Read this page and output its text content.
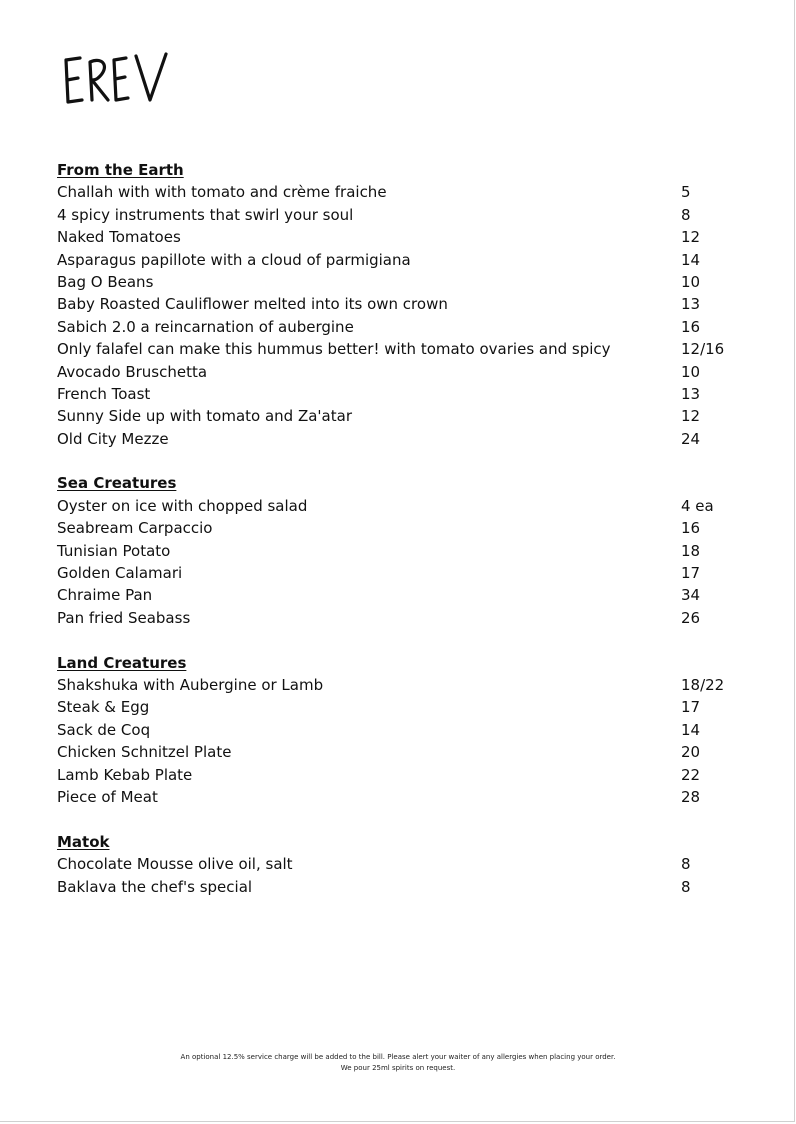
From the Earth
Challah with with tomato and crème fraiche	5
4 spicy instruments that swirl your soul	8
Naked Tomatoes	12
Asparagus papillote with a cloud of parmigiana	14
Bag O Beans	10
Baby Roasted Cauliflower melted into its own crown	13
Sabich 2.0 a reincarnation of aubergine	16
Only falafel can make this hummus better! with tomato ovaries and spicy	12/16
Avocado Bruschetta	10
French Toast	13
Sunny Side up with tomato and Za'atar	12
Old City Mezze	24
Sea Creatures
Oyster on ice with chopped salad	4 ea
Seabream Carpaccio	16
Tunisian Potato	18
Golden Calamari	17
Chraime Pan	34
Pan fried Seabass	26
Land Creatures
Shakshuka with Aubergine or Lamb	18/22
Steak & Egg	17
Sack de Coq	14
Chicken Schnitzel Plate	20
Lamb Kebab Plate	22
Piece of Meat	28
Matok
Chocolate Mousse olive oil, salt	8
Baklava the chef's special	8
An optional 12.5% service charge will be added to the bill. Please alert your waiter of any allergies when placing your order.
We pour 25ml spirits on request.
